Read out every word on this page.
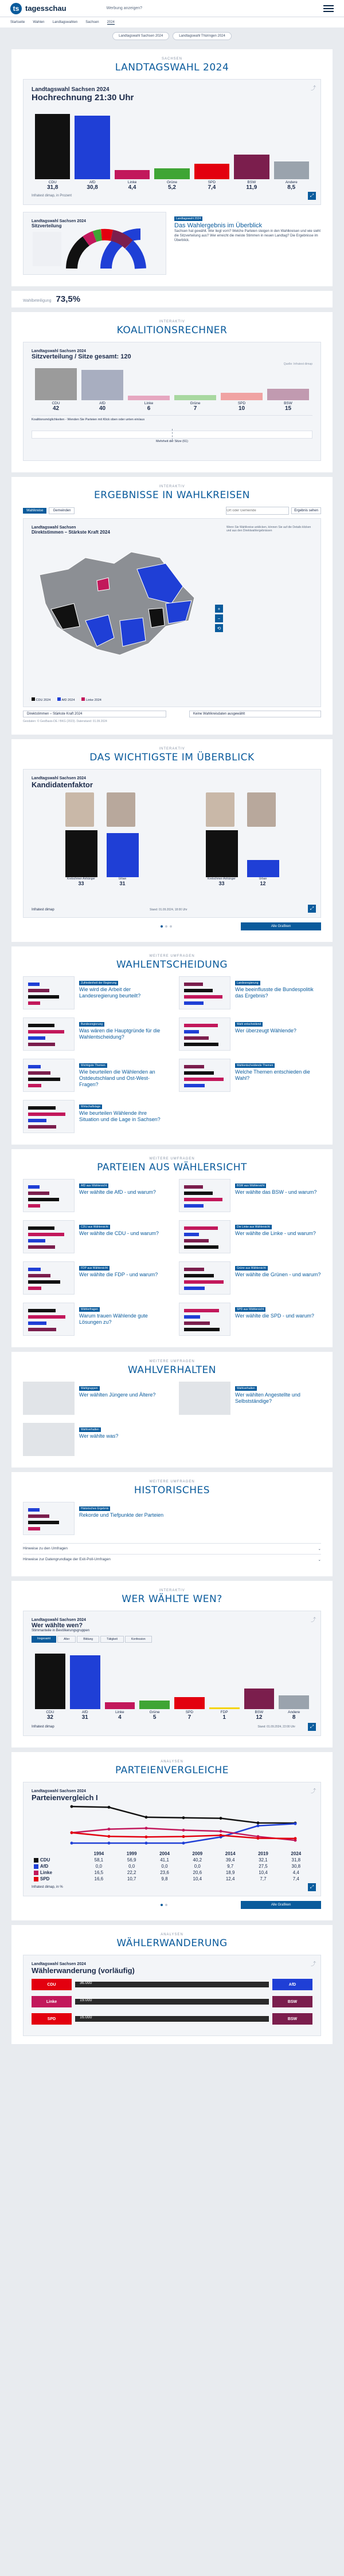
ts tagesschau	Werbung anzeigen?
Startseite Wahlen Landtagswahlen Sachsen 2024
Landtagswahl Sachsen 2024	Landtagswahl Thüringen 2024
SACHSEN
LANDTAGSWAHL 2024
⤴
Landtagswahl Sachsen 2024
Hochrechnung 21:30 Uhr
CDU	AfD	Linke	Grüne	SPD	BSW	Andere
31,8	30,8	4,4	5,2	7,4	11,9	8,5
Infratest dimap, in Prozent	⤢
Landtagswahl Sachsen 2024
Sitzverteilung
Landtagswahl 2024
Das Wahlergebnis im Überblick
Sachsen hat gewählt. Wer liegt vorn? Welche Parteien steigen in den Wahlkreisen und wie sieht die Sitzverteilung aus? Wer erreicht die meiste Stimmen in neuen Landtag? Die Ergebnisse im Überblick.
Wahlbeteiligung 73,5%
INTERAKTIV
KOALITIONSRECHNER
Landtagswahl Sachsen 2024
Sitzverteilung / Sitze gesamt: 120
Quelle: Infratest dimap
CDU	AfD	Linke	Grüne	SPD	BSW
42	40	6	7	10	15
Koalitionsmöglichkeiten - Wenden Sie Parteien mit Klick oben oder unten ein/aus
Mehrheit der Sitze (61)
INTERAKTIV
ERGEBNISSE IN WAHLKREISEN
Wahlkreise	Gemeinden
Ort oder Gemeinde	Ergebnis sehen
Landtagswahl Sachsen
Direktstimmen – Stärkste Kraft 2024
Wenn Sie Wahlkreise anklicken, können Sie auf die Details klicken und aus den Direktwahlergebnissen
+
−
⟲
CDU 2024	AfD 2024	Linke 2024
Direktstimmen – Stärkste Kraft 2024	Keine Wahlkreisdaten ausgewählt
Geodaten: © GeoBasis-DE / BKG (2023). Datenstand: 01.09.2024
INTERAKTIV
DAS WICHTIGSTE IM ÜBERBLICK
Landtagswahl Sachsen 2024
Kandidatenfaktor
Kretschmer-Anhänger
33
Urban
31
Kretschmer-Anhänger
33
Urban
12
Infratest dimap	Stand: 01.09.2024, 18:00 Uhr	⤢
Alle Grafiken
WEITERE UMFRAGEN
WAHLENTSCHEIDUNG
Zufriedenheit der Regierung
Wie wird die Arbeit der Landesregierung beurteilt?
Landesregierung
Wie beeinflusste die Bundespolitik das Ergebnis?
Bundesregierung
Was wären die Hauptgründe für die Wahlentscheidung?
Wahl entscheidend
Wer überzeugt Wählende?
Wichtigste Themen
Wie beurteilen die Wählenden an Ostdeutschland und Ost-West-Fragen?
Wahlentscheidende Themen
Welche Themen entschieden die Wahl?
Wirtschaftslage
Wie beurteilen Wählende ihre Situation und die Lage in Sachsen?
WEITERE UMFRAGEN
PARTEIEN AUS WÄHLERSICHT
AfD aus Wählersicht
Wer wählte die AfD - und warum?
BSW aus Wählersicht
Wer wählte das BSW - und warum?
CDU aus Wählersicht
Wer wählte die CDU - und warum?
Die Linke aus Wählersicht
Wer wählte die Linke - und warum?
FDP aus Wählersicht
Wer wählte die FDP - und warum?
Grüne aus Wählersicht
Wer wählte die Grünen - und warum?
Wählerfragen
Warum trauen Wählende gute Lösungen zu?
SPD aus Wählersicht
Wer wählte die SPD - und warum?
WEITERE UMFRAGEN
WAHLVERHALTEN
Wahlgruppen
Wer wählten Jüngere und Ältere?
Wahlverhalten
Wer wählten Angestellte und Selbstständige?
Wahlverhalten
Wer wählte was?
WEITERE UMFRAGEN
HISTORISCHES
Historisches Ergebnis
Rekorde und Tiefpunkte der Parteien
Hinweise zu den Umfragen	⌄
Hinweise zur Datengrundlage der Exit-Poll-Umfragen	⌄
INTERAKTIV
WER WÄHLTE WEN?
⤴
Landtagswahl Sachsen 2024
Wer wählte wen?
Stimmanteile in Bevölkerungsgruppen
Insgesamt	Alter	Bildung	Tätigkeit	Konfession
CDU	AfD	Linke	Grüne	SPD	FDP	BSW	Andere
32	31	4	5	7	1	12	8
Infratest dimap	Stand: 01.09.2024, 22:00 Uhr	⤢
ANALYSEN
PARTEIENVERGLEICHE
⤴
Landtagswahl Sachsen 2024
Parteienvergleich I
	1994	1999	2004	2009	2014	2019	2024
CDU	58,1	56,9	41,1	40,2	39,4	32,1	31,8
AfD	0,0	0,0	0,0	0,0	9,7	27,5	30,8
Linke	16,5	22,2	23,6	20,6	18,9	10,4	4,4
SPD	16,6	10,7	9,8	10,4	12,4	7,7	7,4
Infratest dimap, in %	⤢
Alle Grafiken
ANALYSEN
WÄHLERWANDERUNG
⤴
Landtagswahl Sachsen 2024
Wählerwanderung (vorläufig)
CDU	36.000	AfD
Linke	19.000	BSW
SPD	16.000	BSW
